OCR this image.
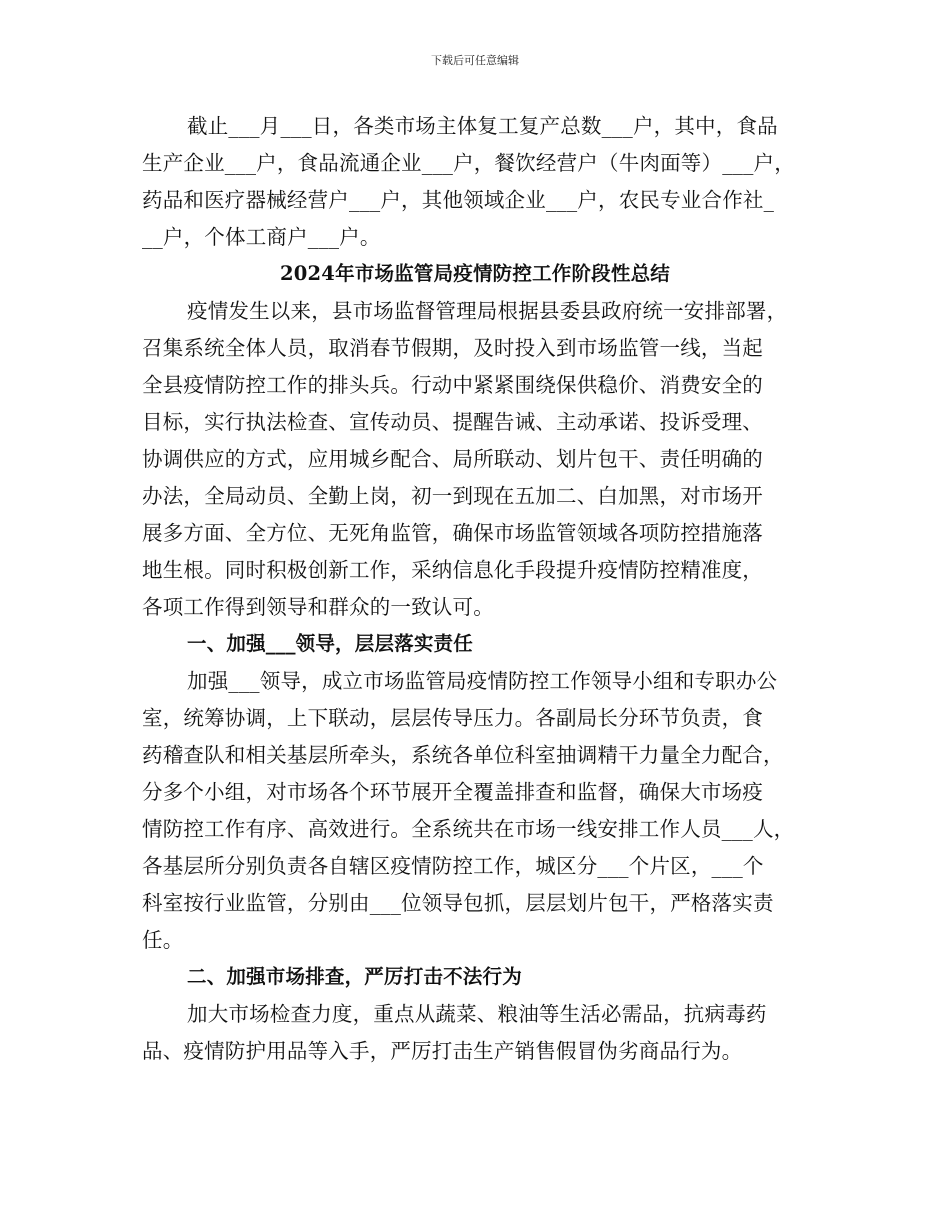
下载后可任意编辑
截止___月___日，各类市场主体复工复产总数___户，其中，食品
生产企业___户，食品流通企业___户，餐饮经营户（牛肉面等）___户，
药品和医疗器械经营户___户，其他领域企业___户，农民专业合作社_
__户，个体工商户___户。
2024年市场监管局疫情防控工作阶段性总结
疫情发生以来，县市场监督管理局根据县委县政府统一安排部署，
召集系统全体人员，取消春节假期，及时投入到市场监管一线，当起
全县疫情防控工作的排头兵。行动中紧紧围绕保供稳价、消费安全的
目标，实行执法检查、宣传动员、提醒告诫、主动承诺、投诉受理、
协调供应的方式，应用城乡配合、局所联动、划片包干、责任明确的
办法，全局动员、全勤上岗，初一到现在五加二、白加黑，对市场开
展多方面、全方位、无死角监管，确保市场监管领域各项防控措施落
地生根。同时积极创新工作，采纳信息化手段提升疫情防控精准度，
各项工作得到领导和群众的一致认可。
一、加强___领导，层层落实责任
加强___领导，成立市场监管局疫情防控工作领导小组和专职办公
室，统筹协调，上下联动，层层传导压力。各副局长分环节负责，食
药稽查队和相关基层所牵头，系统各单位科室抽调精干力量全力配合，
分多个小组，对市场各个环节展开全覆盖排查和监督，确保大市场疫
情防控工作有序、高效进行。全系统共在市场一线安排工作人员___人，
各基层所分别负责各自辖区疫情防控工作，城区分___个片区，___个
科室按行业监管，分别由___位领导包抓，层层划片包干，严格落实责
任。
二、加强市场排查，严厉打击不法行为
加大市场检查力度，重点从蔬菜、粮油等生活必需品，抗病毒药
品、疫情防护用品等入手，严厉打击生产销售假冒伪劣商品行为。
